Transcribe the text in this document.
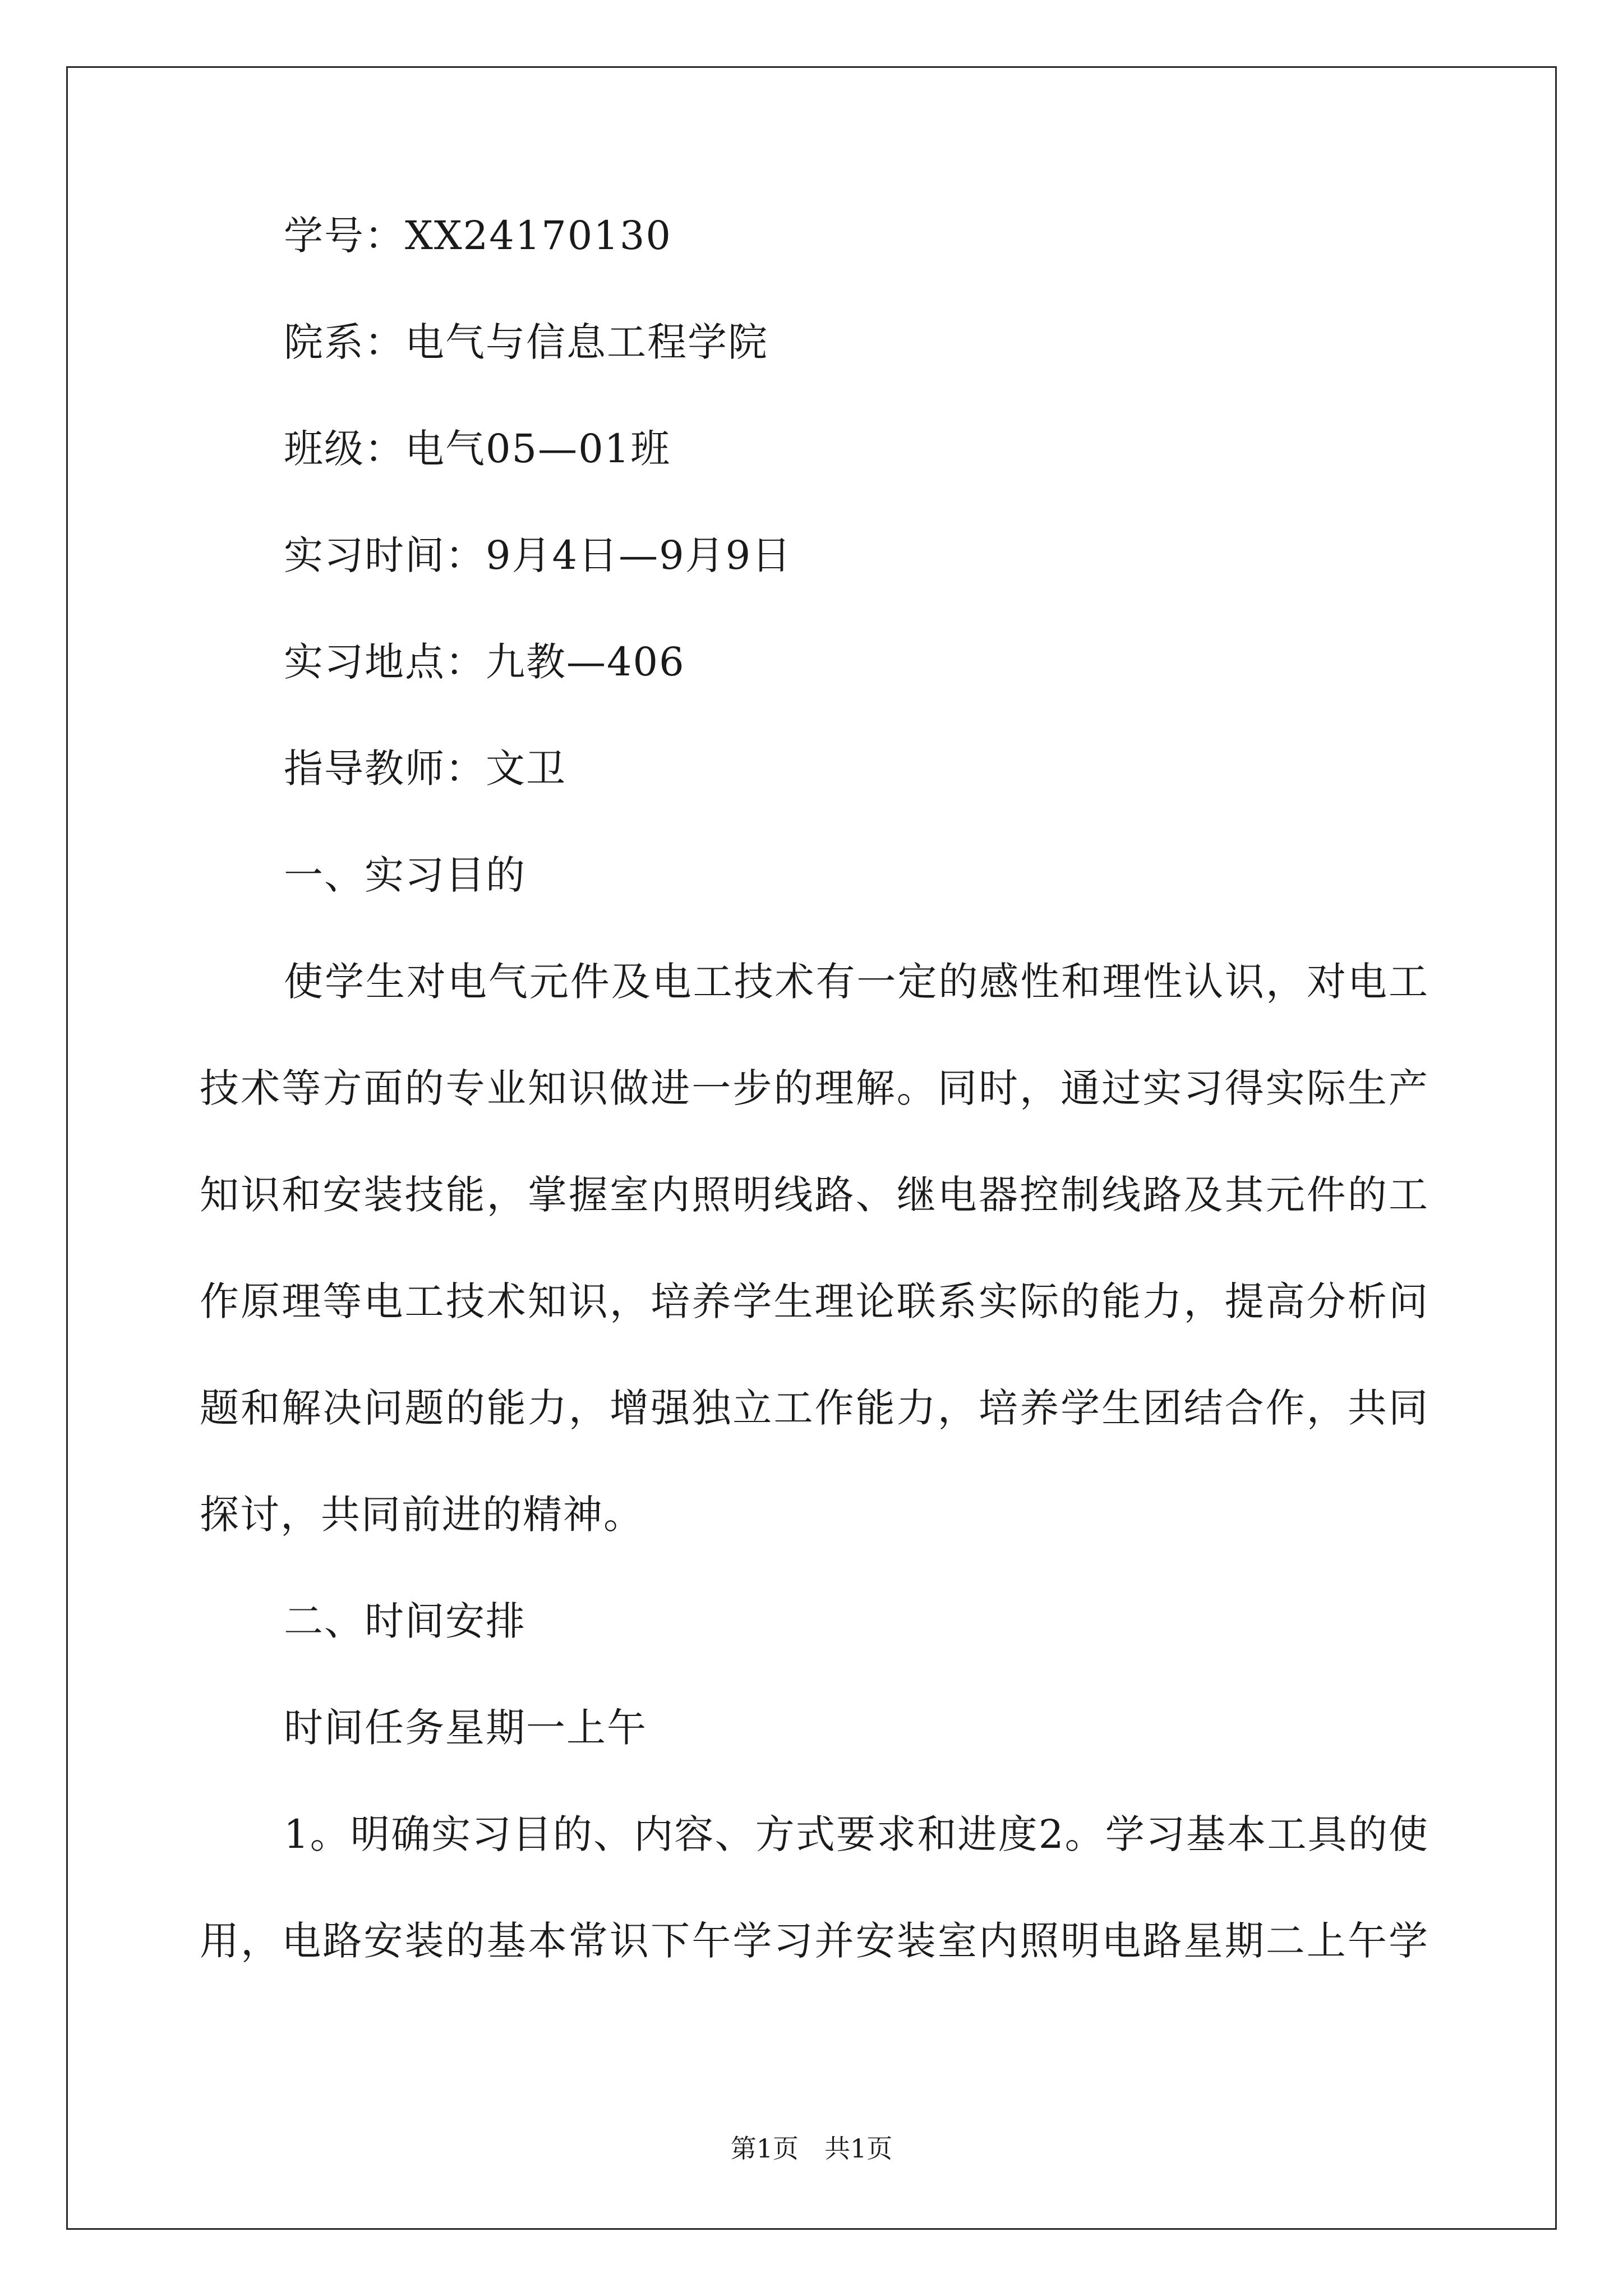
学号：XX24170130

院系：电气与信息工程学院

班级：电气05—01班

实习时间：9月4日—9月9日

实习地点：九教—406

指导教师：文卫

一、实习目的

使学生对电气元件及电工技术有一定的感性和理性认识，对电工
技术等方面的专业知识做进一步的理解。同时，通过实习得实际生产
知识和安装技能，掌握室内照明线路、继电器控制线路及其元件的工
作原理等电工技术知识，培养学生理论联系实际的能力，提高分析问
题和解决问题的能力，增强独立工作能力，培养学生团结合作，共同
探讨，共同前进的精神。

二、时间安排

时间任务星期一上午

1。明确实习目的、内容、方式要求和进度2。学习基本工具的使
用，电路安装的基本常识下午学习并安装室内照明电路星期二上午学
第1页　共1页
